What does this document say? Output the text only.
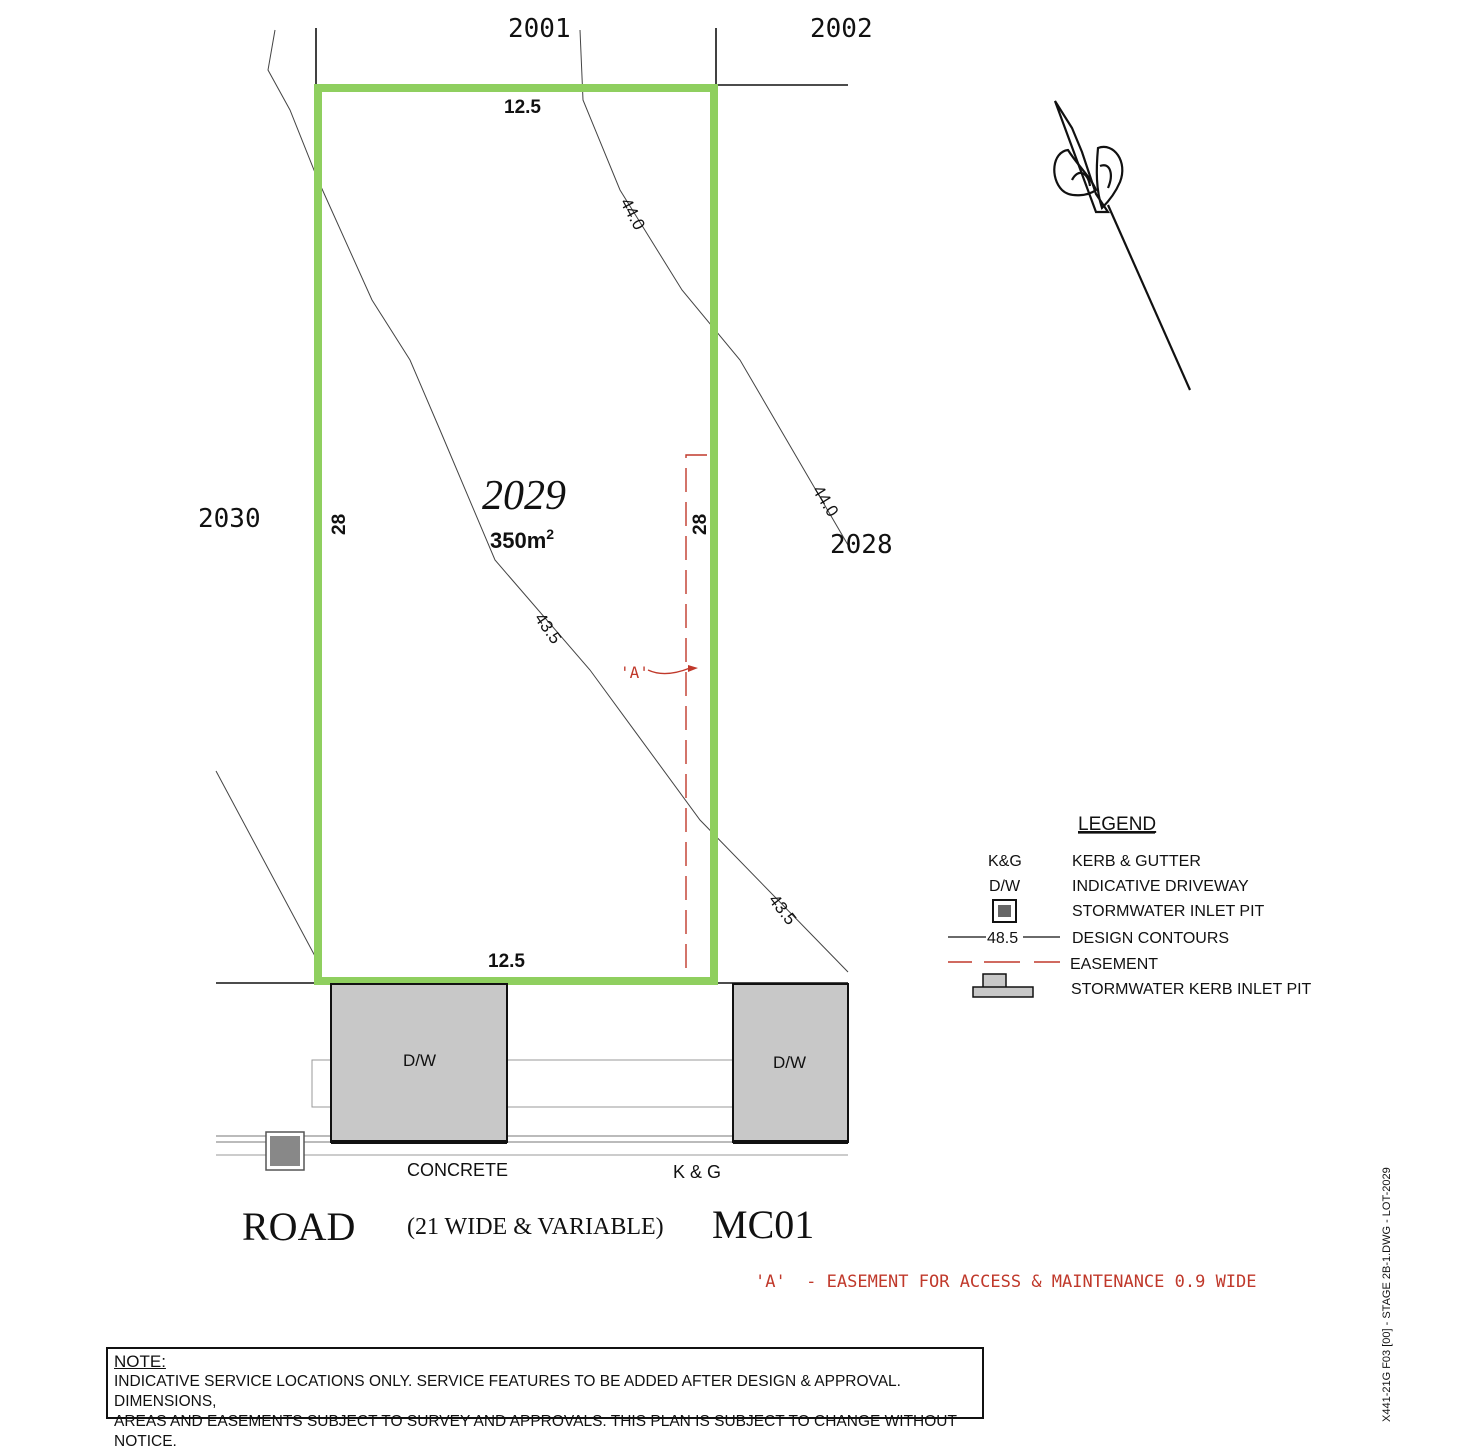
'A'
2001	2002
2030
2028
12.5
12.5
28	28
2029
$350m^2$
44.0
44.0
43.5
43.5
D/W	D/W
CONCRETE	K & G
ROAD (21 WIDE & VARIABLE) MC01
LEGEND
K&G	KERB & GUTTER
D/W	INDICATIVE DRIVEWAY
STORMWATER INLET PIT
48.5	DESIGN CONTOURS
EASEMENT
STORMWATER KERB INLET PIT
'A'  - EASEMENT FOR ACCESS & MAINTENANCE 0.9 WIDE	X441-21G F03 [00] - STAGE 2B-1.DWG - LOT-2029
NOTE:
INDICATIVE SERVICE LOCATIONS ONLY. SERVICE FEATURES TO BE ADDED AFTER DESIGN & APPROVAL. DIMENSIONS,
AREAS AND EASEMENTS SUBJECT TO SURVEY AND APPROVALS. THIS PLAN IS SUBJECT TO CHANGE WITHOUT NOTICE.
